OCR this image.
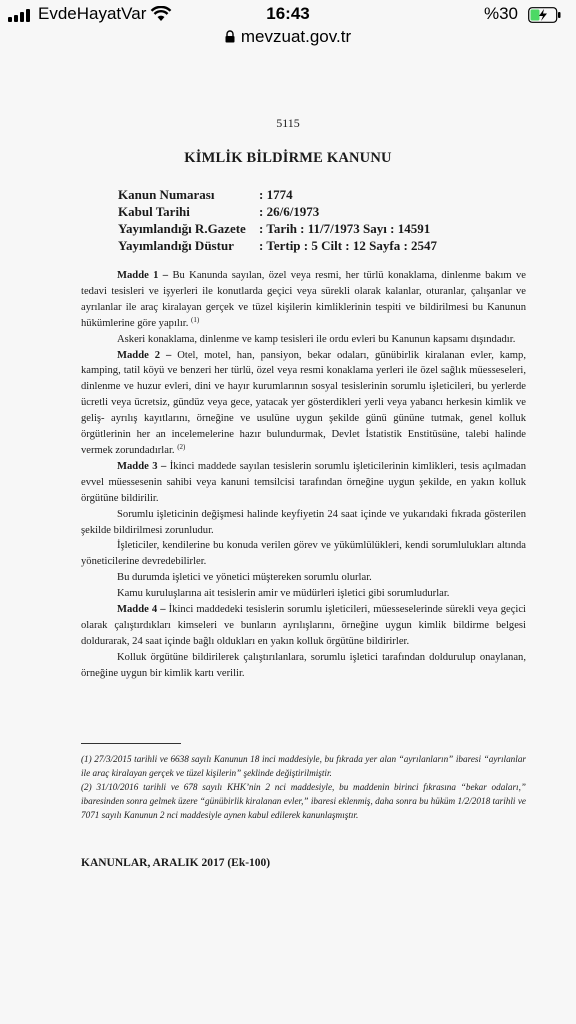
EvdeHayatVar	16:43	%30
mevzuat.gov.tr
5115
KİMLİK BİLDİRME KANUNU
Kanun Numarası	: 1774
Kabul Tarihi	: 26/6/1973
Yayımlandığı R.Gazete	: Tarih : 11/7/1973 Sayı : 14591
Yayımlandığı Düstur	: Tertip : 5 Cilt : 12 Sayfa : 2547

Madde 1 – Bu Kanunda sayılan, özel veya resmi, her türlü konaklama, dinlenme bakım ve tedavi tesisleri ve işyerleri ile konutlarda geçici veya sürekli olarak kalanlar, oturanlar, çalışanlar ve ayrılanlar ile araç kiralayan gerçek ve tüzel kişilerin kimliklerinin tespiti ve bildirilmesi bu Kanunun hükümlerine göre yapılır. $^{(1)}$

Askeri konaklama, dinlenme ve kamp tesisleri ile ordu evleri bu Kanunun kapsamı dışındadır.

Madde 2 – Otel, motel, han, pansiyon, bekar odaları, günübirlik kiralanan evler, kamp, kamping, tatil köyü ve benzeri her türlü, özel veya resmi konaklama yerleri ile özel sağlık müesseseleri, dinlenme ve huzur evleri, dini ve hayır kurumlarının sosyal tesislerinin sorumlu işleticileri, bu yerlerde ücretli veya ücretsiz, gündüz veya gece, yatacak yer gösterdikleri yerli veya yabancı herkesin kimlik ve geliş- ayrılış kayıtlarını, örneğine ve usulüne uygun şekilde günü gününe tutmak, genel kolluk örgütlerinin her an incelemelerine hazır bulundurmak, Devlet İstatistik Enstitüsüne, talebi halinde vermek zorundadırlar. $^{(2)}$

Madde 3 – İkinci maddede sayılan tesislerin sorumlu işleticilerinin kimlikleri, tesis açılmadan evvel müessesenin sahibi veya kanuni temsilcisi tarafından örneğine uygun şekilde, en yakın kolluk örgütüne bildirilir.

Sorumlu işleticinin değişmesi halinde keyfiyetin 24 saat içinde ve yukarıdaki fıkrada gösterilen şekilde bildirilmesi zorunludur.

İşleticiler, kendilerine bu konuda verilen görev ve yükümlülükleri, kendi sorumlulukları altında yöneticilerine devredebilirler.

Bu durumda işletici ve yönetici müştereken sorumlu olurlar.

Kamu kuruluşlarına ait tesislerin amir ve müdürleri işletici gibi sorumludurlar.

Madde 4 – İkinci maddedeki tesislerin sorumlu işleticileri, müesseselerinde sürekli veya geçici olarak çalıştırdıkları kimseleri ve bunların ayrılışlarını, örneğine uygun kimlik bildirme belgesi doldurarak, 24 saat içinde bağlı oldukları en yakın kolluk örgütüne bildirirler.

Kolluk örgütüne bildirilerek çalıştırılanlara, sorumlu işletici tarafından doldurulup onaylanan, örneğine uygun bir kimlik kartı verilir.

(1) 27/3/2015 tarihli ve 6638 sayılı Kanunun 18 inci maddesiyle, bu fıkrada yer alan “ayrılanların” ibaresi “ayrılanlar ile araç kiralayan gerçek ve tüzel kişilerin” şeklinde değiştirilmiştir.

(2) 31/10/2016 tarihli ve 678 sayılı KHK’nin 2 nci maddesiyle, bu maddenin birinci fıkrasına “bekar odaları,” ibaresinden sonra gelmek üzere “günübirlik kiralanan evler,” ibaresi eklenmiş, daha sonra bu hüküm 1/2/2018 tarihli ve 7071 sayılı Kanunun 2 nci maddesiyle aynen kabul edilerek kanunlaşmıştır.

KANUNLAR, ARALIK 2017 (Ek-100)
